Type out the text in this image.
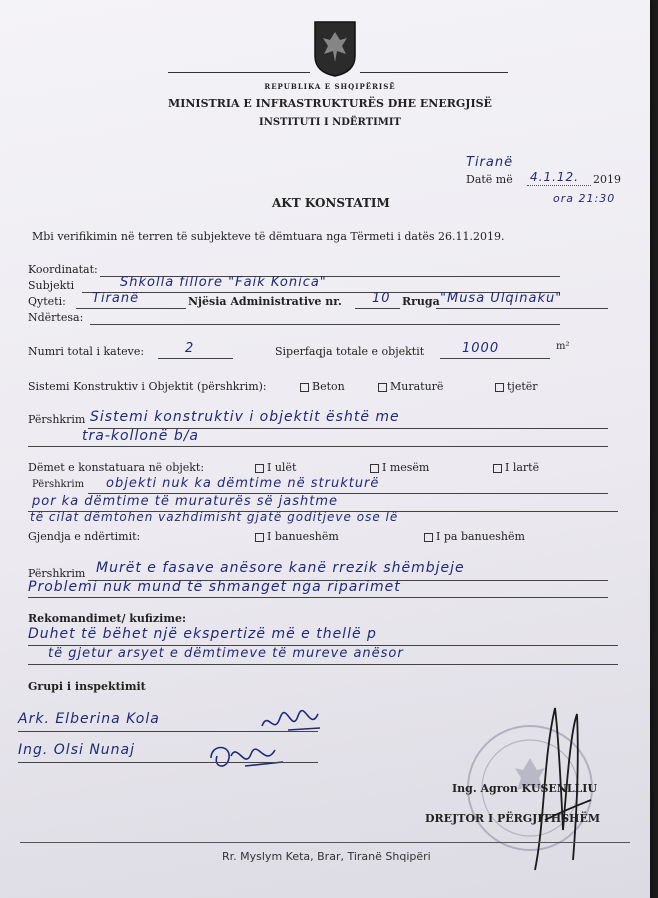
REPUBLIKA E SHQIPËRISË
MINISTRIA E INFRASTRUKTURËS DHE ENERGJISË
INSTITUTI I NDËRTIMIT
Tiranë
Datë më 4.1.12. 2019
ora 21:30
AKT KONSTATIM
Mbi verifikimin në terren të subjekteve të dëmtuara nga Tërmeti i datës 26.11.2019.
Koordinatat:
Subjekti	Shkolla fillore "Faik Konica"
Qyteti: Tiranë	Njësia Administrative nr. 10 Rruga "Musa Ulqinaku"
Ndërtesa:
Numri total i kateve:	2	Siperfaqja totale e objektit	1000	m²
Sistemi Konstruktiv i Objektit (përshkrim):	Beton	Muraturë	tjetër
Përshkrim Sistemi konstruktiv i objektit është me
tra-kollonë b/a
Dëmet e konstatuara në objekt:	I ulët	I mesëm	I lartë
Përshkrim objekti nuk ka dëmtime në strukturë
por ka dëmtime të muraturës së jashtme
të cilat dëmtohen vazhdimisht gjatë goditjeve ose lë
Gjendja e ndërtimit:	I banueshëm	I pa banueshëm
Përshkrim Murët e fasave anësore kanë rrezik shëmbjeje
Problemi nuk mund të shmanget nga riparimet
Rekomandimet/ kufizime:
Duhet të bëhet një ekspertizë më e thellë p
të gjetur arsyet e dëmtimeve të mureve anësor
Grupi i inspektimit
Ark. Elberina Kola
Ing. Olsi Nunaj
Ing. Agron KUSENLLIU
DREJTOR I PËRGJITHSHËM
Rr. Myslym Keta, Brar, Tiranë Shqipëri
